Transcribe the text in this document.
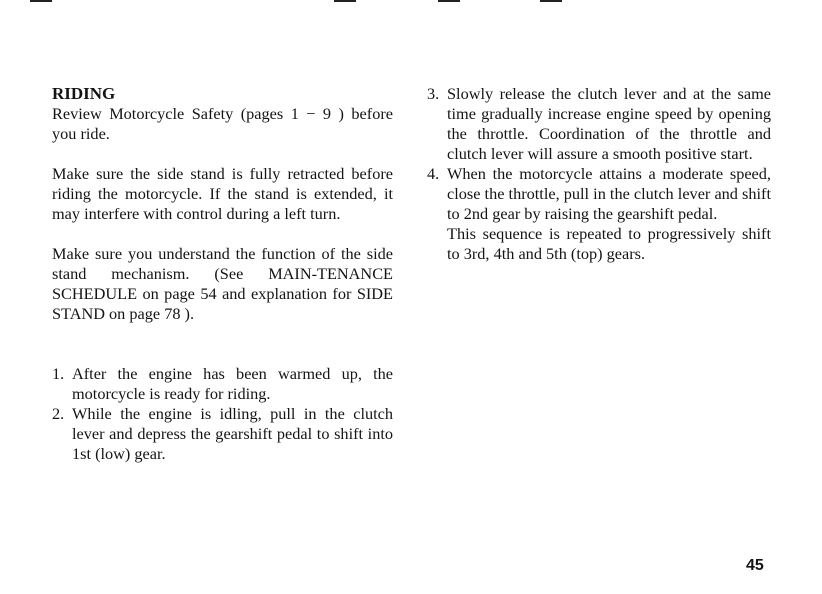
RIDING

Review Motorcycle Safety (pages 1 − 9 ) before you ride.

Make sure the side stand is fully retracted before riding the motorcycle. If the stand is extended, it may interfere with control during a left turn.

Make sure you understand the function of the side stand mechanism. (See MAIN-TENANCE SCHEDULE on page 54 and explanation for SIDE STAND on page 78 ).

1. After the engine has been warmed up, the motorcycle is ready for riding.
2. While the engine is idling, pull in the clutch lever and depress the gearshift pedal to shift into 1st (low) gear.
3. Slowly release the clutch lever and at the same time gradually increase engine speed by opening the throttle. Coordination of the throttle and clutch lever will assure a smooth positive start.
4. When the motorcycle attains a moderate speed, close the throttle, pull in the clutch lever and shift to 2nd gear by raising the gearshift pedal.

This sequence is repeated to progressively shift to 3rd, 4th and 5th (top) gears.

45
